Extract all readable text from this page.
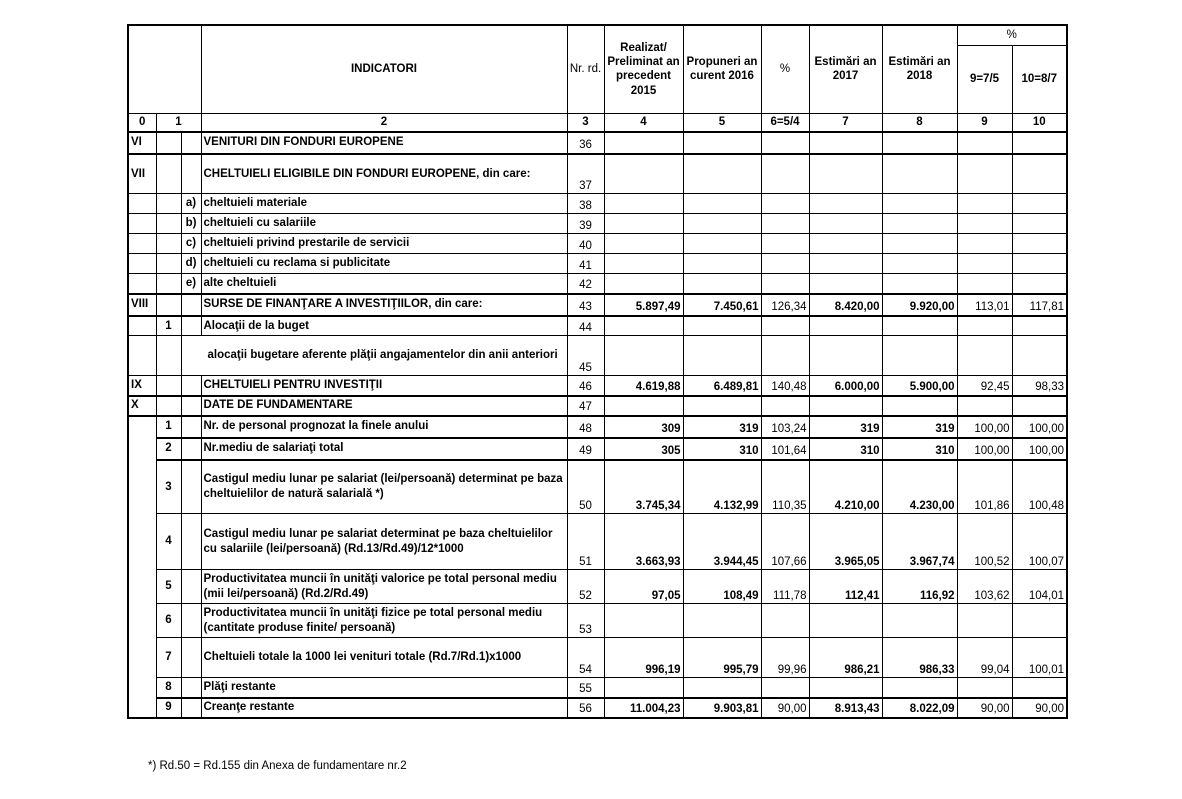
			INDICATORI	Nr. rd.	Realizat/ Preliminat an precedent 2015	Propuneri an curent 2016	%	Estimări an 2017	Estimări an 2018	%	
										9=7/5	10=8/7
0	1		2	3	4	5	6=5/4	7	8	9	10
VI			VENITURI DIN FONDURI EUROPENE	36							
VII			CHELTUIELI ELIGIBILE DIN FONDURI EUROPENE, din care:	37							
		a)	cheltuieli materiale	38							
		b)	cheltuieli cu salariile	39							
		c)	cheltuieli privind prestarile de servicii	40							
		d)	cheltuieli cu reclama si publicitate	41							
		e)	alte cheltuieli	42							
VIII			SURSE DE FINANŢARE A INVESTIŢIILOR, din care:	43	5.897,49	7.450,61	126,34	8.420,00	9.920,00	113,01	117,81
	1		Alocaţii de la buget	44							
		alocaţii bugetare aferente plăţii angajamentelor din anii anteriori		45							
IX			CHELTUIELI PENTRU INVESTIŢII	46	4.619,88	6.489,81	140,48	6.000,00	5.900,00	92,45	98,33
X			DATE DE FUNDAMENTARE	47							
	1		Nr. de personal prognozat la finele anului	48	309	319	103,24	319	319	100,00	100,00
	2		Nr.mediu de salariaţi total	49	305	310	101,64	310	310	100,00	100,00
	3		Castigul mediu lunar pe salariat (lei/persoană) determinat pe baza cheltuielilor de natură salarială *)	50	3.745,34	4.132,99	110,35	4.210,00	4.230,00	101,86	100,48
	4		Castigul mediu lunar pe salariat determinat pe baza cheltuielilor cu salariile (lei/persoană) (Rd.13/Rd.49)/12*1000	51	3.663,93	3.944,45	107,66	3.965,05	3.967,74	100,52	100,07
	5		Productivitatea muncii în unităţi valorice pe total personal mediu (mii lei/persoană) (Rd.2/Rd.49)	52	97,05	108,49	111,78	112,41	116,92	103,62	104,01
	6		Productivitatea muncii în unităţi fizice pe total personal mediu (cantitate produse finite/ persoană)	53							
	7		Cheltuieli totale la 1000 lei venituri totale (Rd.7/Rd.1)x1000	54	996,19	995,79	99,96	986,21	986,33	99,04	100,01
	8		Plăţi restante	55							
	9		Creanţe restante	56	11.004,23	9.903,81	90,00	8.913,43	8.022,09	90,00	90,00
*) Rd.50 = Rd.155 din Anexa de fundamentare nr.2
